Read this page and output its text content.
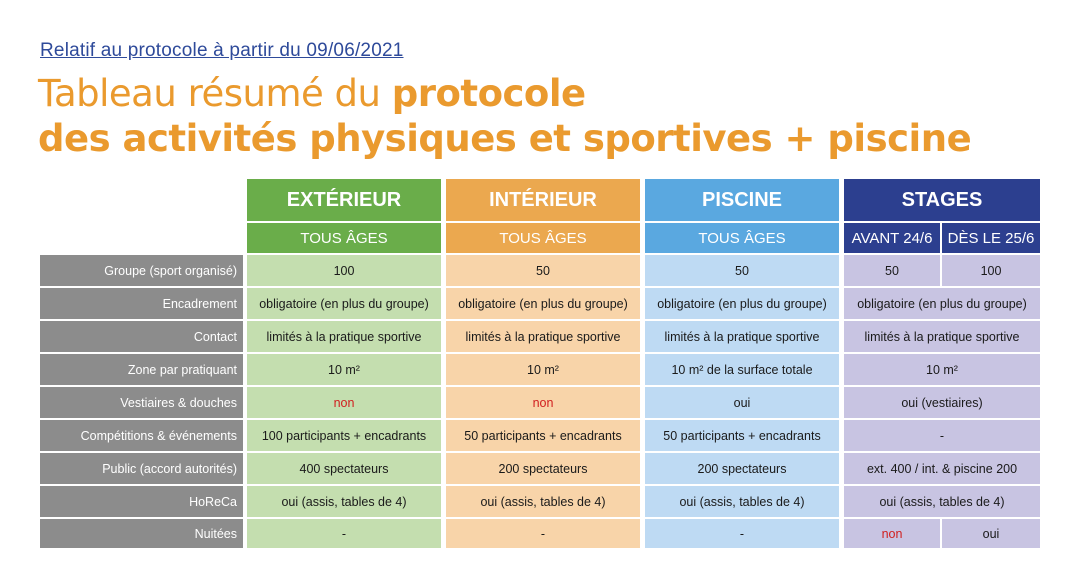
Relatif au protocole à partir du 09/06/2021
Tableau résumé du protocole
des activités physiques et sportives + piscine
EXTÉRIEUR	INTÉRIEUR	PISCINE	STAGES
TOUS ÂGES	TOUS ÂGES	TOUS ÂGES	AVANT 24/6	DÈS LE 25/6
Groupe (sport organisé)	100	50	50	50	100
Encadrement	obligatoire (en plus du groupe)	obligatoire (en plus du groupe)	obligatoire (en plus du groupe)	obligatoire (en plus du groupe)
Contact	limités à la pratique sportive	limités à la pratique sportive	limités à la pratique sportive	limités à la pratique sportive
Zone par pratiquant	10 m²	10 m²	10 m² de la surface totale	10 m²
Vestiaires & douches	non	non	oui	oui (vestiaires)
Compétitions & événements	100 participants + encadrants	50 participants + encadrants	50 participants + encadrants	-
Public (accord autorités)	400 spectateurs	200 spectateurs	200 spectateurs	ext. 400 / int. & piscine 200
HoReCa	oui (assis, tables de 4)	oui (assis, tables de 4)	oui (assis, tables de 4)	oui (assis, tables de 4)
Nuitées	-	-	-	non	oui
